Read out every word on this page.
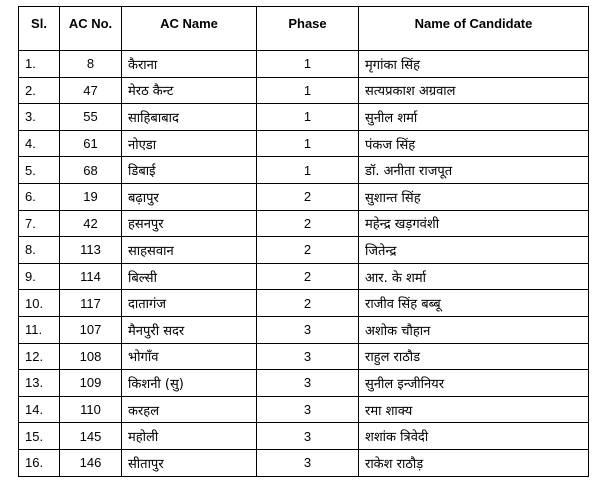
Sl.	AC No.	AC Name	Phase	Name of Candidate
1.	8	कैराना	1	मृगांका सिंह
2.	47	मेरठ कैन्ट	1	सत्यप्रकाश अग्रवाल
3.	55	साहिबाबाद	1	सुनील शर्मा
4.	61	नोएडा	1	पंकज सिंह
5.	68	डिबाई	1	डॉ. अनीता राजपूत
6.	19	बढ़ापुर	2	सुशान्त सिंह
7.	42	हसनपुर	2	महेन्द्र खड़गवंशी
8.	113	साहसवान	2	जितेन्द्र
9.	114	बिल्सी	2	आर. के शर्मा
10.	117	दातागंज	2	राजीव सिंह बब्बू
11.	107	मैनपुरी सदर	3	अशोक चौहान
12.	108	भोगाँव	3	राहुल राठौड
13.	109	किशनी (सु)	3	सुनील इन्जीनियर
14.	110	करहल	3	रमा शाक्य
15.	145	महोली	3	शशांक त्रिवेदी
16.	146	सीतापुर	3	राकेश राठौड़
